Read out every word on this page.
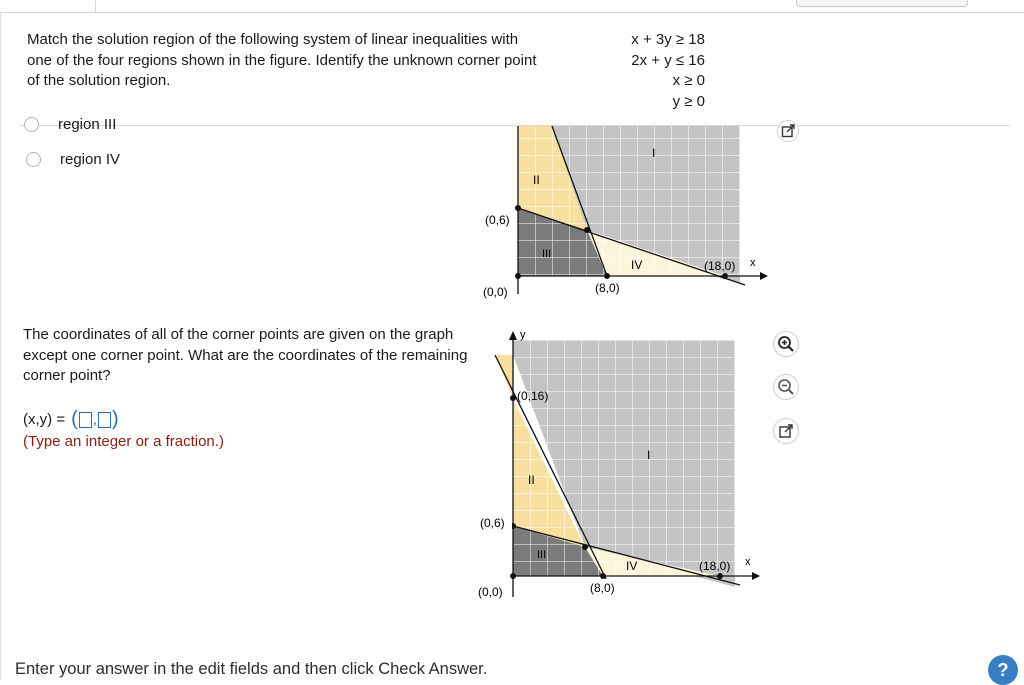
Match the solution region of the following system of linear inequalities with one of the four regions shown in the figure. Identify the unknown corner point of the solution region.
x + 3y ≥ 18
2x + y ≤ 16
x ≥ 0
y ≥ 0
region III
region IV	I
II
III
IV
(0,6)
(0,0)	(8,0)
(18,0) x
The coordinates of all of the corner points are given on the graph except one corner point. What are the coordinates of the remaining corner point?
(x,y) = ( , )
(Type an integer or a fraction.)
y
I
II
III
IV
(0,16)
(0,6)
(0,0)	(8,0)
(18,0) x
Enter your answer in the edit fields and then click Check Answer.	?
